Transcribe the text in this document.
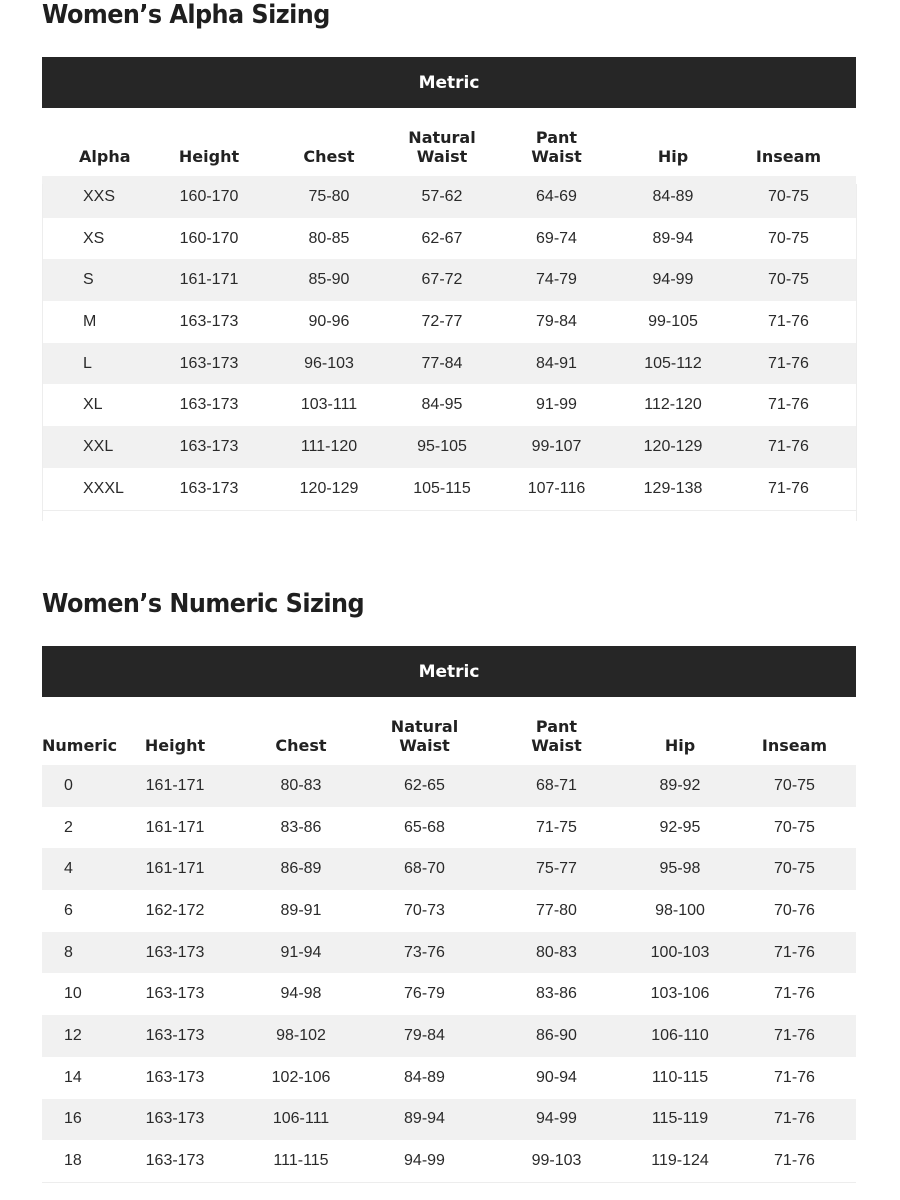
Women’s Alpha Sizing
Metric
Alpha	Height	Chest	Natural Waist	Pant Waist	Hip	Inseam
XXS	160-170	75-80	57-62	64-69	84-89	70-75
XS	160-170	80-85	62-67	69-74	89-94	70-75
S	161-171	85-90	67-72	74-79	94-99	70-75
M	163-173	90-96	72-77	79-84	99-105	71-76
L	163-173	96-103	77-84	84-91	105-112	71-76
XL	163-173	103-111	84-95	91-99	112-120	71-76
XXL	163-173	111-120	95-105	99-107	120-129	71-76
XXXL	163-173	120-129	105-115	107-116	129-138	71-76
Women’s Numeric Sizing
Metric
Numeric	Height	Chest	Natural Waist	Pant Waist	Hip	Inseam
0	161-171	80-83	62-65	68-71	89-92	70-75
2	161-171	83-86	65-68	71-75	92-95	70-75
4	161-171	86-89	68-70	75-77	95-98	70-75
6	162-172	89-91	70-73	77-80	98-100	70-76
8	163-173	91-94	73-76	80-83	100-103	71-76
10	163-173	94-98	76-79	83-86	103-106	71-76
12	163-173	98-102	79-84	86-90	106-110	71-76
14	163-173	102-106	84-89	90-94	110-115	71-76
16	163-173	106-111	89-94	94-99	115-119	71-76
18	163-173	111-115	94-99	99-103	119-124	71-76
